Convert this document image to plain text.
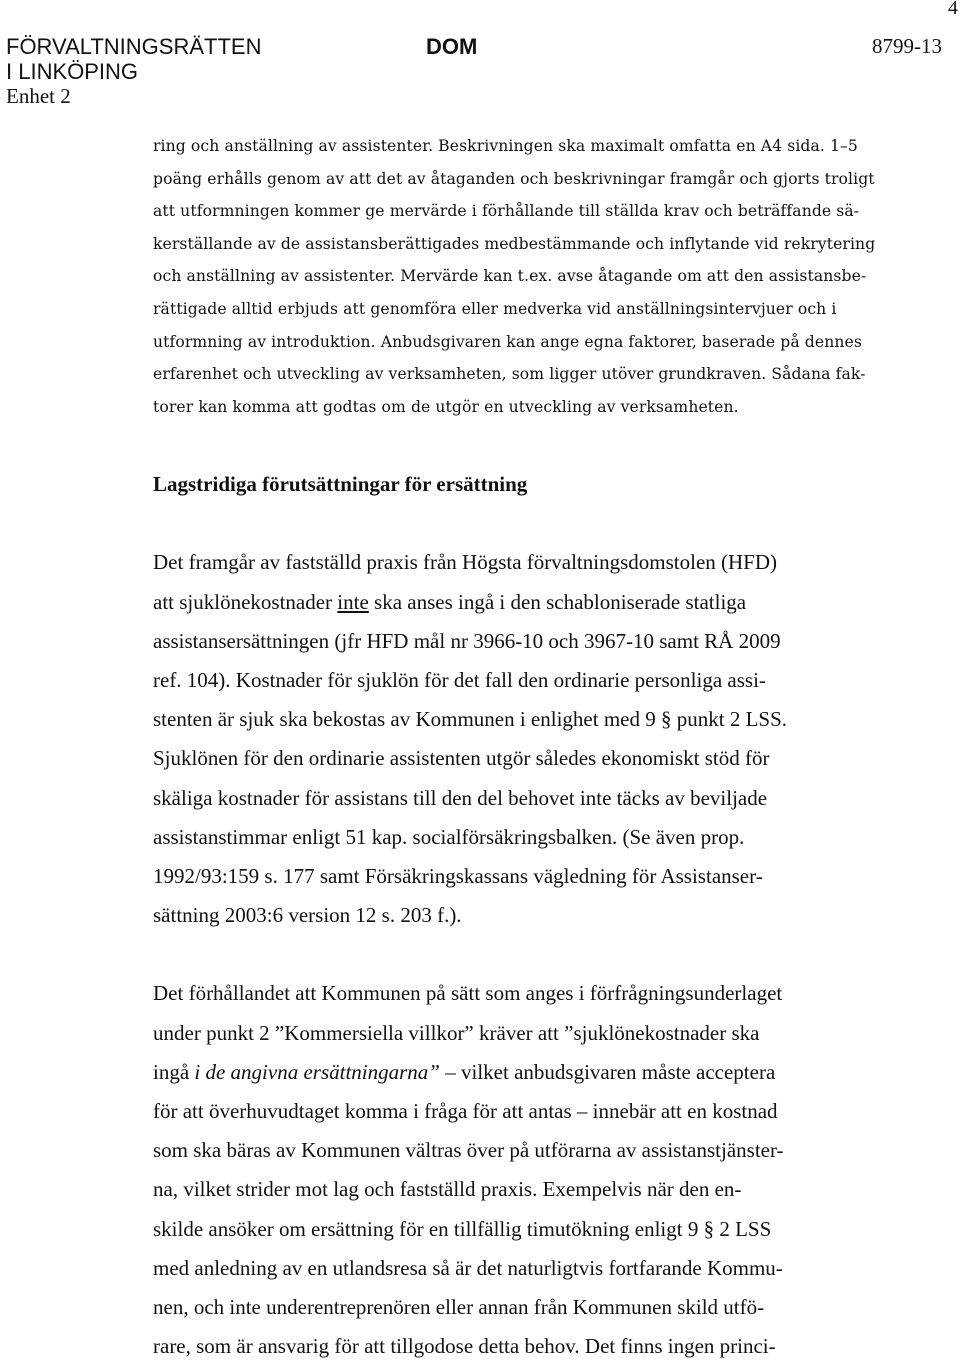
4
FÖRVALTNINGSRÄTTEN
I LINKÖPING
Enhet 2
DOM	8799-13

ring och anställning av assistenter. Beskrivningen ska maximalt omfatta en A4 sida. 1–5
poäng erhålls genom av att det av åtaganden och beskrivningar framgår och gjorts troligt
att utformningen kommer ge mervärde i förhållande till ställda krav och beträffande sä-
kerställande av de assistansberättigades medbestämmande och inflytande vid rekrytering
och anställning av assistenter. Mervärde kan t.ex. avse åtagande om att den assistansbe-
rättigade alltid erbjuds att genomföra eller medverka vid anställningsintervjuer och i
utformning av introduktion. Anbudsgivaren kan ange egna faktorer, baserade på dennes
erfarenhet och utveckling av verksamheten, som ligger utöver grundkraven. Sådana fak-
torer kan komma att godtas om de utgör en utveckling av verksamheten.

Lagstridiga förutsättningar för ersättning

Det framgår av fastställd praxis från Högsta förvaltningsdomstolen (HFD)
att sjuklönekostnader inte ska anses ingå i den schabloniserade statliga
assistansersättningen (jfr HFD mål nr 3966-10 och 3967-10 samt RÅ 2009
ref. 104). Kostnader för sjuklön för det fall den ordinarie personliga assi-
stenten är sjuk ska bekostas av Kommunen i enlighet med 9 § punkt 2 LSS.
Sjuklönen för den ordinarie assistenten utgör således ekonomiskt stöd för
skäliga kostnader för assistans till den del behovet inte täcks av beviljade
assistanstimmar enligt 51 kap. socialförsäkringsbalken. (Se även prop.
1992/93:159 s. 177 samt Försäkringskassans vägledning för Assistanser-
sättning 2003:6 version 12 s. 203 f.).

Det förhållandet att Kommunen på sätt som anges i förfrågningsunderlaget
under punkt 2 ”Kommersiella villkor” kräver att ”sjuklönekostnader ska
ingå i de angivna ersättningarna” – vilket anbudsgivaren måste acceptera
för att överhuvudtaget komma i fråga för att antas – innebär att en kostnad
som ska bäras av Kommunen vältras över på utförarna av assistanstjänster-
na, vilket strider mot lag och fastställd praxis. Exempelvis när den en-
skilde ansöker om ersättning för en tillfällig timutökning enligt 9 § 2 LSS
med anledning av en utlandsresa så är det naturligtvis fortfarande Kommu-
nen, och inte underentreprenören eller annan från Kommunen skild utfö-
rare, som är ansvarig för att tillgodose detta behov. Det finns ingen princi-
